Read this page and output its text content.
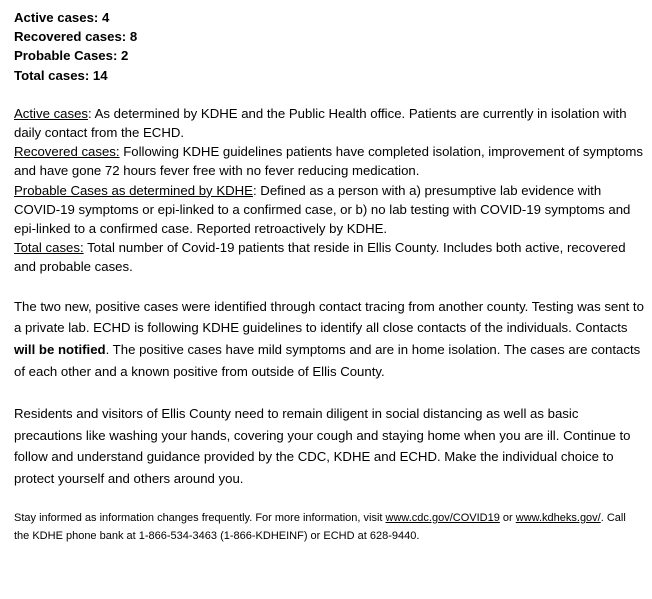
Active cases: 4
Recovered cases: 8
Probable Cases: 2
Total cases: 14
Active cases: As determined by KDHE and the Public Health office. Patients are currently in isolation with daily contact from the ECHD.
Recovered cases: Following KDHE guidelines patients have completed isolation, improvement of symptoms and have gone 72 hours fever free with no fever reducing medication.
Probable Cases as determined by KDHE: Defined as a person with a) presumptive lab evidence with COVID-19 symptoms or epi-linked to a confirmed case, or b) no lab testing with COVID-19 symptoms and epi-linked to a confirmed case. Reported retroactively by KDHE.
Total cases: Total number of Covid-19 patients that reside in Ellis County. Includes both active, recovered and probable cases.
The two new, positive cases were identified through contact tracing from another county. Testing was sent to a private lab. ECHD is following KDHE guidelines to identify all close contacts of the individuals. Contacts will be notified. The positive cases have mild symptoms and are in home isolation. The cases are contacts of each other and a known positive from outside of Ellis County.
Residents and visitors of Ellis County need to remain diligent in social distancing as well as basic precautions like washing your hands, covering your cough and staying home when you are ill. Continue to follow and understand guidance provided by the CDC, KDHE and ECHD. Make the individual choice to protect yourself and others around you.
Stay informed as information changes frequently. For more information, visit www.cdc.gov/COVID19 or www.kdheks.gov/. Call the KDHE phone bank at 1-866-534-3463 (1-866-KDHEINF) or ECHD at 628-9440.
